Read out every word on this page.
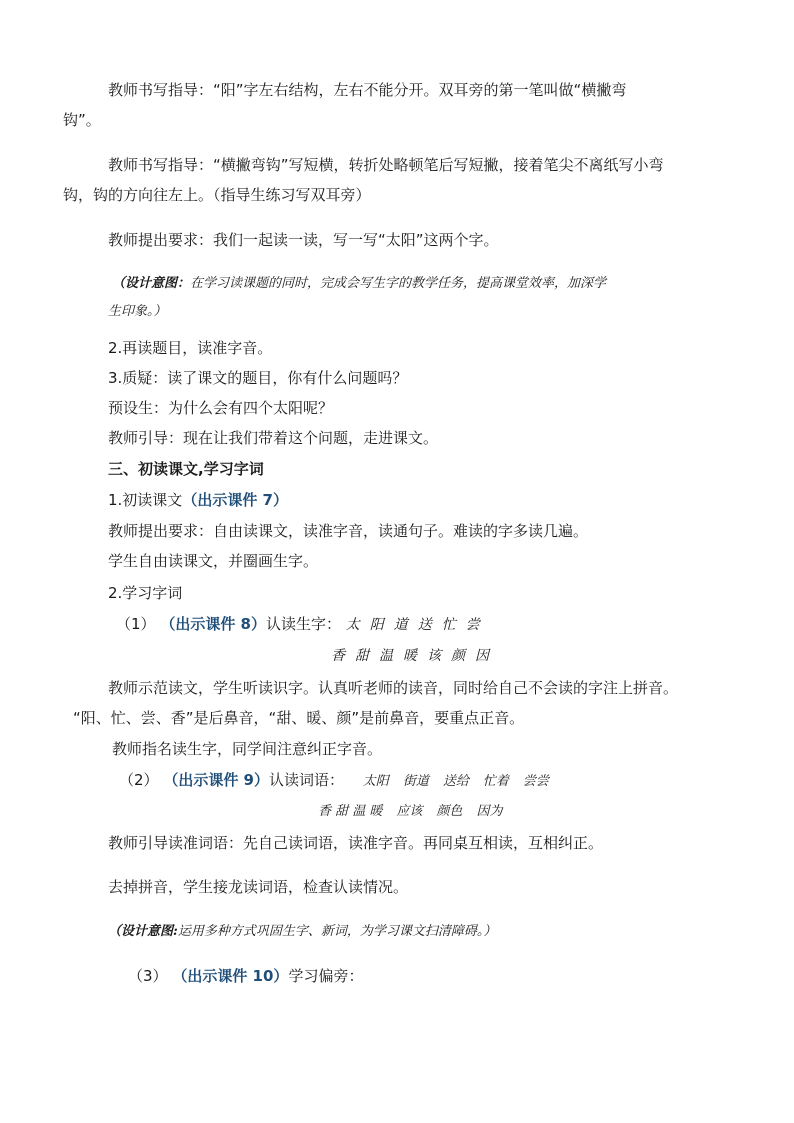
教师书写指导：“阳”字左右结构，左右不能分开。双耳旁的第一笔叫做“横撇弯
钩”。
教师书写指导：“横撇弯钩”写短横，转折处略顿笔后写短撇，接着笔尖不离纸写小弯
钩，钩的方向往左上。（指导生练习写双耳旁）
教师提出要求：我们一起读一读，写一写“太阳”这两个字。
（设计意图：在学习读课题的同时，完成会写生字的教学任务，提高课堂效率，加深学
生印象。）
2.再读题目，读准字音。
3.质疑：读了课文的题目，你有什么问题吗？
预设生：为什么会有四个太阳呢？
教师引导：现在让我们带着这个问题，走进课文。
三、初读课文,学习字词
1.初读课文（出示课件 7）
教师提出要求：自由读课文，读准字音，读通句子。难读的字多读几遍。
学生自由读课文，并圈画生字。
2.学习字词
（1） （出示课件 8）认读生字： 太阳道送忙尝
香甜温暖该颜因
教师示范读文，学生听读识字。认真听老师的读音，同时给自己不会读的字注上拼音。
“阳、忙、尝、香”是后鼻音，“甜、暖、颜”是前鼻音，要重点正音。
教师指名读生字，同学间注意纠正字音。
（2） （出示课件 9）认读词语： 太阳 街道 送给 忙着 尝尝
香 甜 温 暖 应该 颜色 因为
教师引导读准词语：先自己读词语，读准字音。再同桌互相读，互相纠正。
去掉拼音，学生接龙读词语，检查认读情况。
（设计意图:运用多种方式巩固生字、新词，为学习课文扫清障碍。）
（3） （出示课件 10）学习偏旁：
